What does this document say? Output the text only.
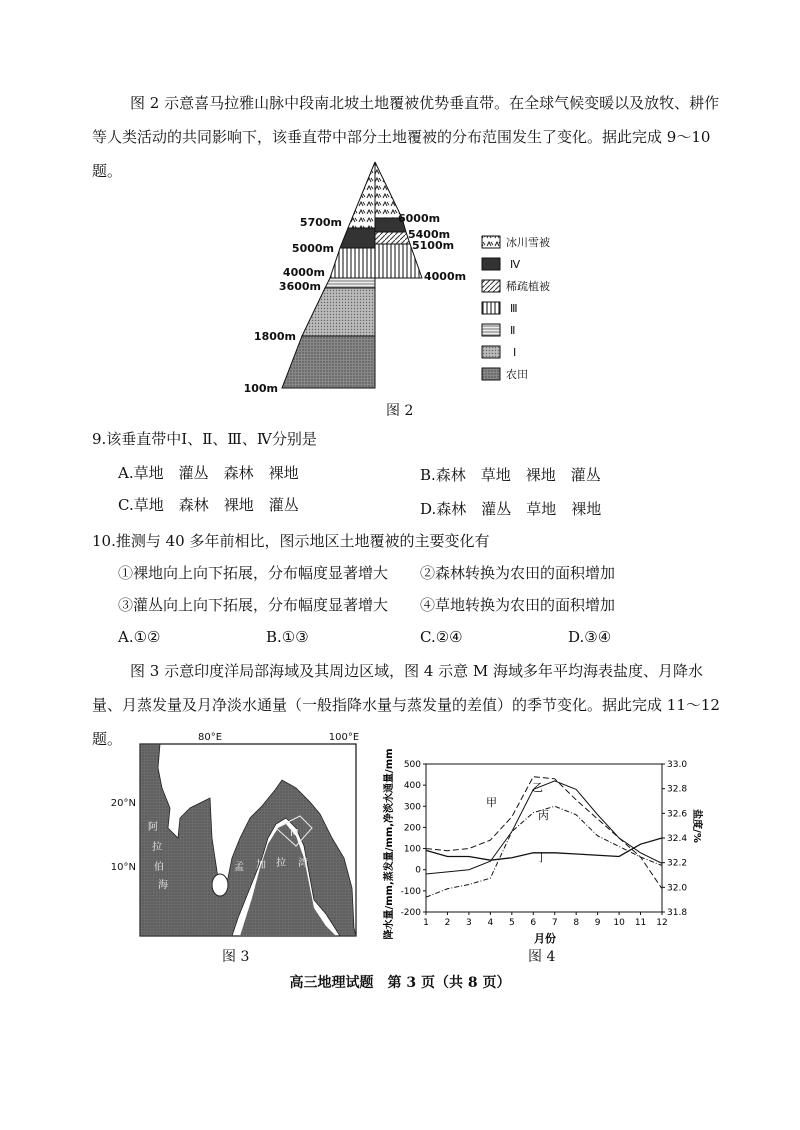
图 2 示意喜马拉雅山脉中段南北坡土地覆被优势垂直带。在全球气候变暖以及放牧、耕作等人类活动的共同影响下，该垂直带中部分土地覆被的分布范围发生了变化。据此完成 9～10 题。
5700m
5000m
4000m
3600m
1800m
100m
6000m
5400m
5100m
4000m
冰川雪被
Ⅳ
稀疏植被
Ⅲ
Ⅱ
Ⅰ
农田
图 2
9.该垂直带中Ⅰ、Ⅱ、Ⅲ、Ⅳ分别是
A.草地　灌丛　森林　裸地	B.森林　草地　裸地　灌丛
C.草地　森林　裸地　灌丛	D.森林　灌丛　草地　裸地
10.推测与 40 多年前相比，图示地区土地覆被的主要变化有
①裸地向上向下拓展，分布幅度显著增大 ②森林转换为农田的面积增加
③灌丛向上向下拓展，分布幅度显著增大 ④草地转换为农田的面积增加
A.①②	B.①③	C.②④	D.③④
图 3 示意印度洋局部海域及其周边区域，图 4 示意 M 海域多年平均海表盐度、月降水量、月蒸发量及月净淡水通量（一般指降水量与蒸发量的差值）的季节变化。据此完成 11～12 题。	80°E	100°E
20°N
10°N
M
阿
拉
伯
海
孟 加 拉 湾
图 3
降水量/mm,蒸发量/mm,净淡水通量/mm	盐度/%
月份
500
400
300
200
100
0
-100
-200
33.0
32.8
32.6
32.4
32.2
32.0
31.8
1 2 3 4 5 6 7 8 9 10 11 12
甲
乙
丙
丁
图 4
高三地理试题　第 3 页（共 8 页）
